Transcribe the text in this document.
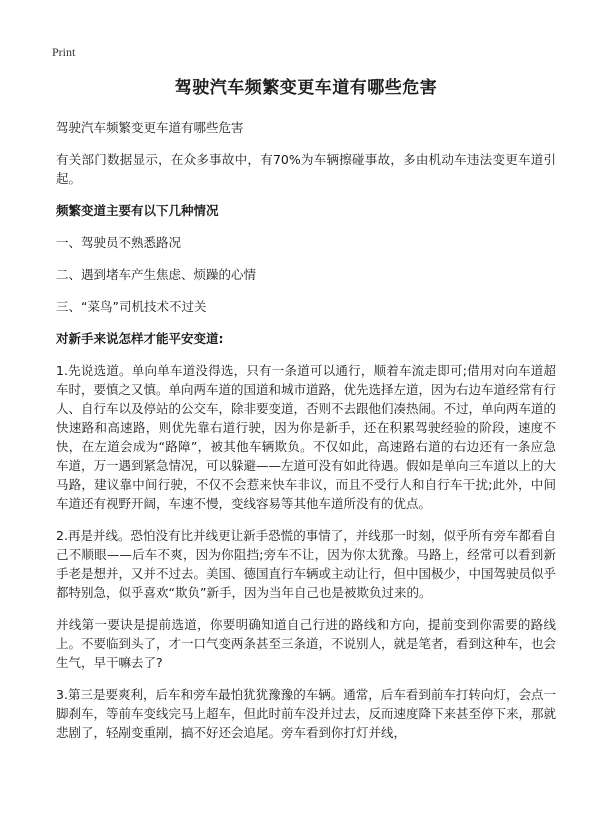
Print
驾驶汽车频繁变更车道有哪些危害

驾驶汽车频繁变更车道有哪些危害

有关部门数据显示，在众多事故中，有70%为车辆擦碰事故，多由机动车违法变更车道引起。

频繁变道主要有以下几种情况

一、驾驶员不熟悉路况

二、遇到堵车产生焦虑、烦躁的心情

三、“菜鸟”司机技术不过关

对新手来说怎样才能平安变道:

1.先说选道。单向单车道没得选，只有一条道可以通行，顺着车流走即可;借用对向车道超车时，要慎之又慎。单向两车道的国道和城市道路，优先选择左道，因为右边车道经常有行人、自行车以及停站的公交车，除非要变道，否则不去跟他们凑热闹。不过，单向两车道的快速路和高速路，则优先靠右道行驶，因为你是新手，还在积累驾驶经验的阶段，速度不快，在左道会成为“路障”，被其他车辆欺负。不仅如此，高速路右道的右边还有一条应急车道，万一遇到紧急情况，可以躲避——左道可没有如此待遇。假如是单向三车道以上的大马路，建议靠中间行驶，不仅不会惹来快车非议，而且不受行人和自行车干扰;此外，中间车道还有视野开阔，车速不慢，变线容易等其他车道所没有的优点。

2.再是并线。恐怕没有比并线更让新手恐慌的事情了，并线那一时刻，似乎所有旁车都看自己不顺眼——后车不爽，因为你阻挡;旁车不让，因为你太犹豫。马路上，经常可以看到新手老是想并，又并不过去。美国、德国直行车辆或主动让行，但中国极少，中国驾驶员似乎都特别急，似乎喜欢“欺负”新手，因为当年自己也是被欺负过来的。

并线第一要诀是提前选道，你要明确知道自己行进的路线和方向，提前变到你需要的路线上。不要临到头了，才一口气变两条甚至三条道，不说别人，就是笔者，看到这种车，也会生气，早干嘛去了?

3.第三是要爽利，后车和旁车最怕犹犹豫豫的车辆。通常，后车看到前车打转向灯，会点一脚刹车，等前车变线完马上超车，但此时前车没并过去，反而速度降下来甚至停下来，那就悲剧了，轻剐变重剐，搞不好还会追尾。旁车看到你打灯并线，
